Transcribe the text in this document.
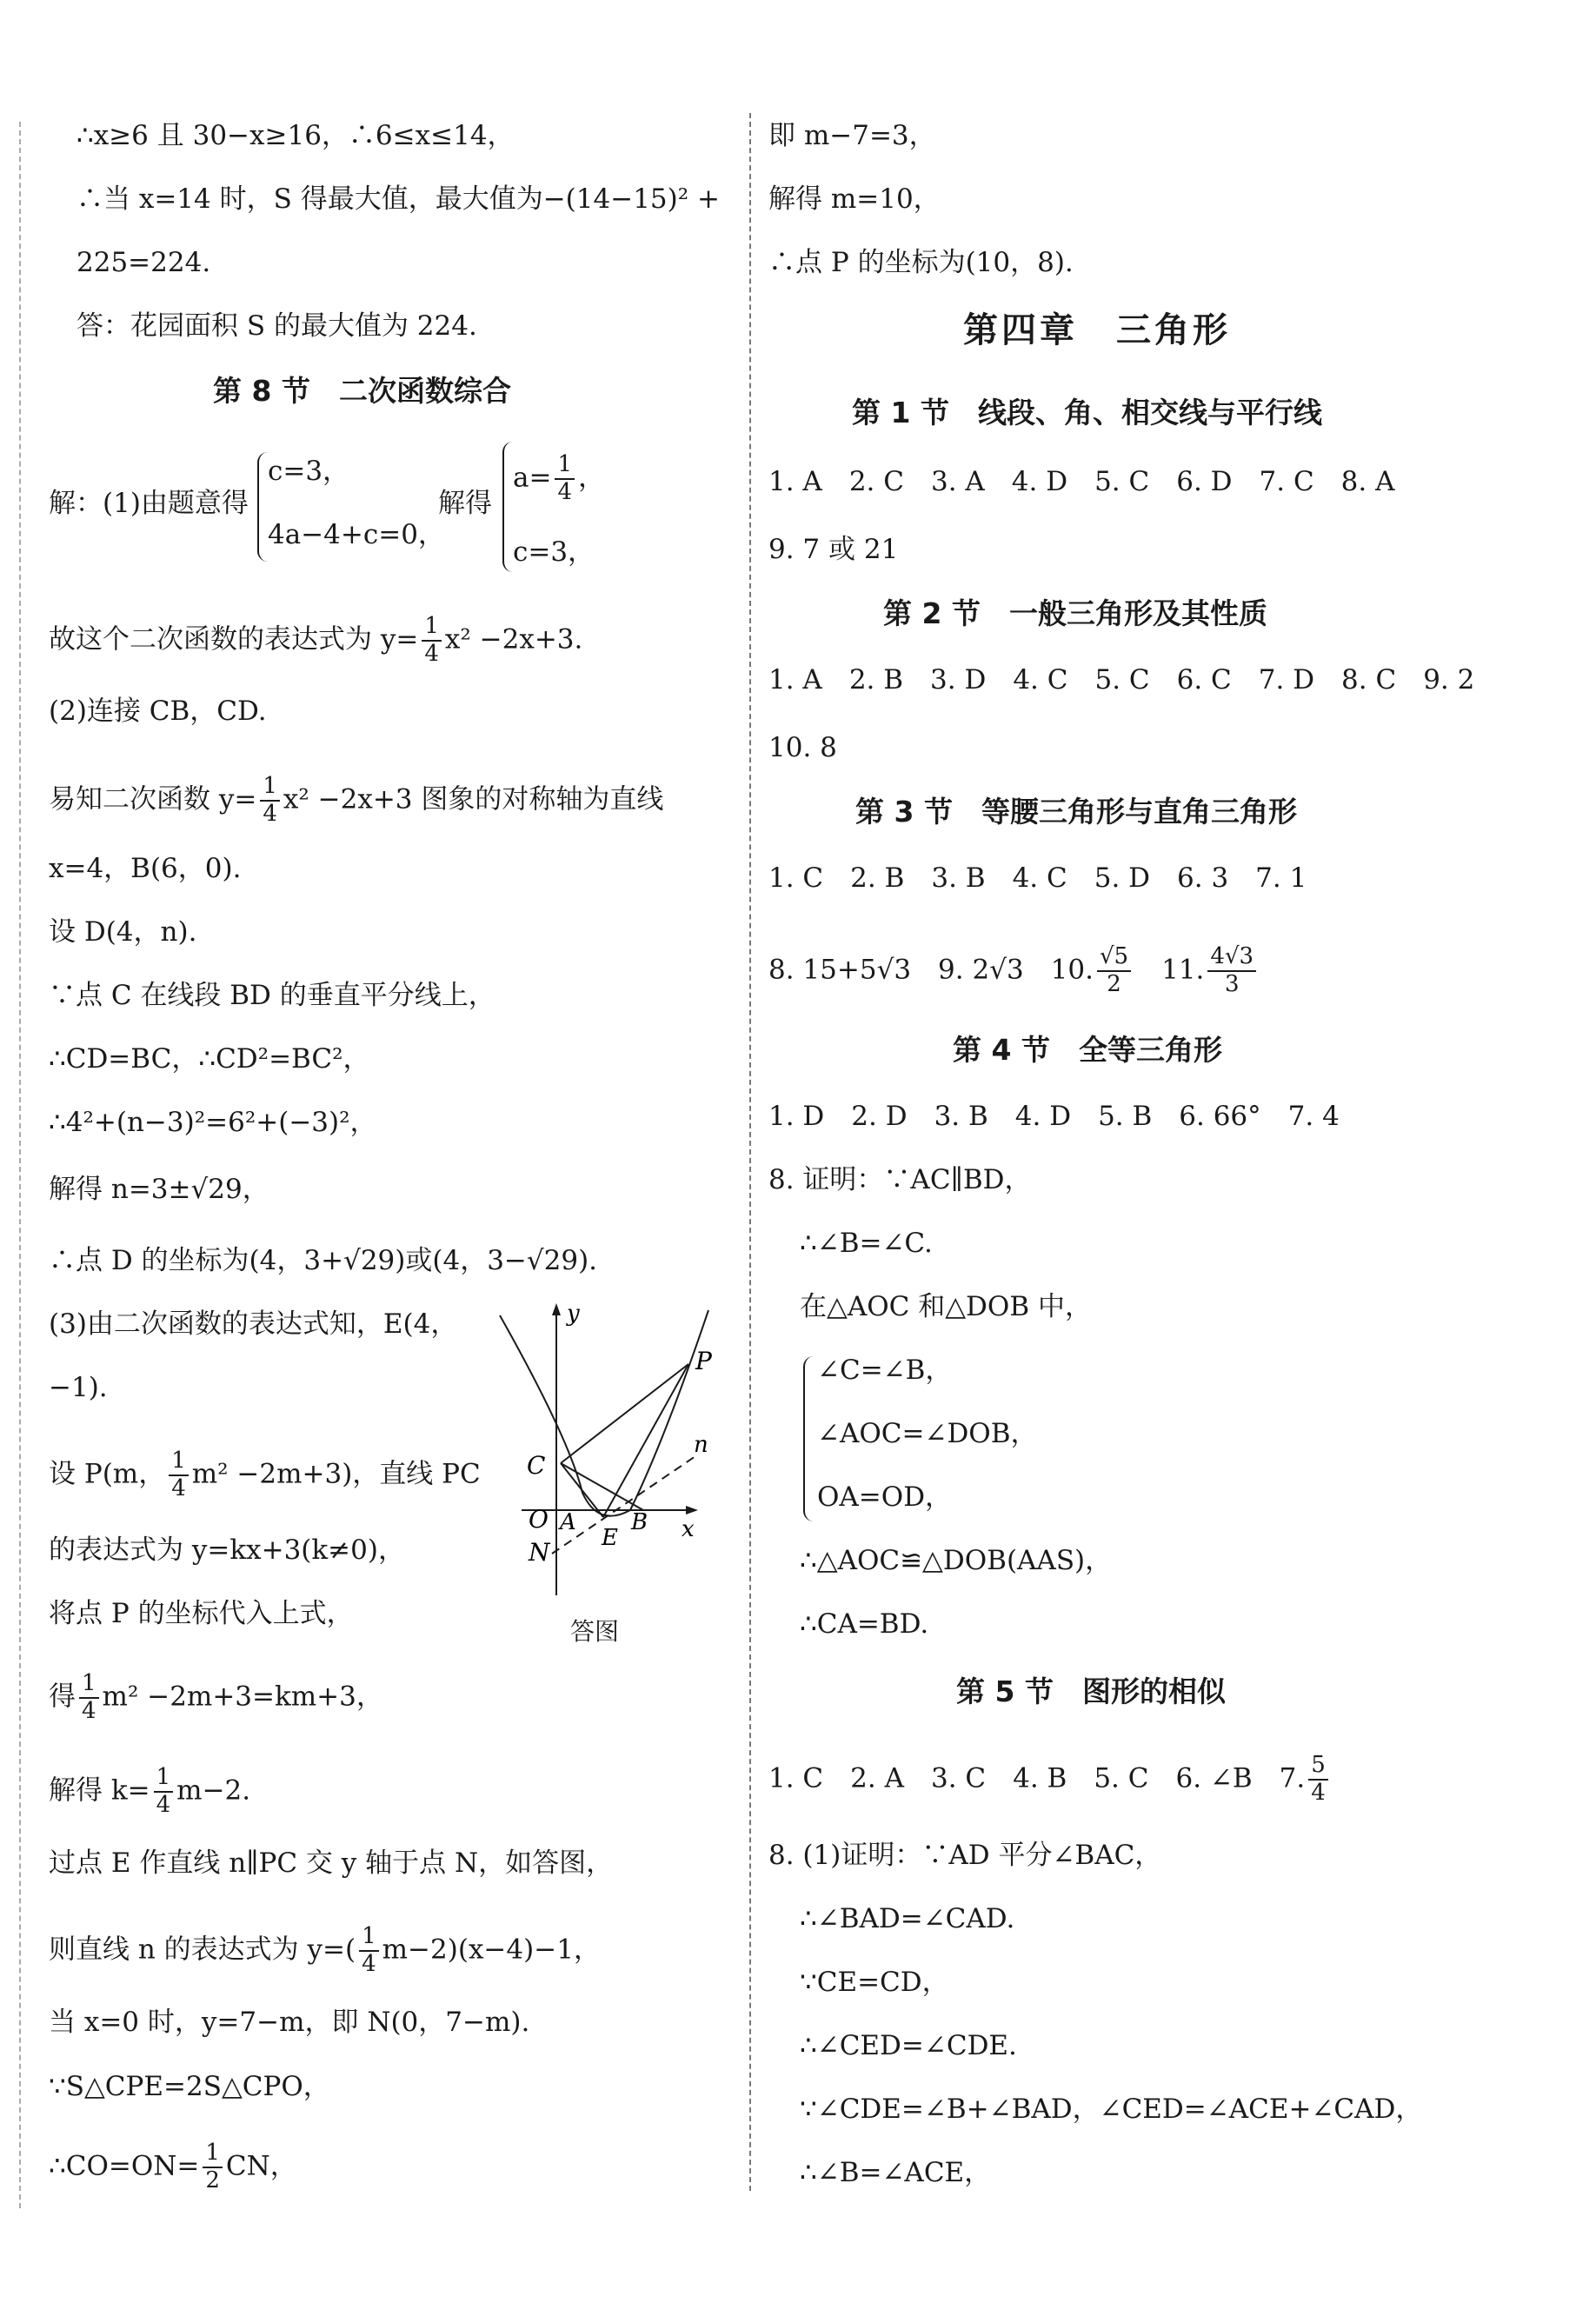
∴x≥6 且 30−x≥16，∴6≤x≤14，
∴当 x=14 时，S 得最大值，最大值为−(14−15)² +
225=224.
答：花园面积 S 的最大值为 224.
第 8 节　二次函数综合
解：(1)由题意得
c=3，
4a−4+c=0，
解得
$a= \frac{1}{4}$ ，
c=3，
故这个二次函数的表达式为 $y= \frac{1}{4} x^2 -2x+3$.
(2)连接 CB，CD.
易知二次函数 $y= \frac{1}{4} x^2 -2x+3$ 图象的对称轴为直线
x=4，B(6，0).
设 D(4，n).
∵点 C 在线段 BD 的垂直平分线上，
∴CD=BC，∴CD²=BC²，
∴4²+(n−3)²=6²+(−3)²，
解得 n=3±√29，
∴点 D 的坐标为(4，3+√29)或(4，3−√29).
(3)由二次函数的表达式知，E(4，
−1).
设 P(m， $\frac{1}{4} m^2 -2m+3$)，直线 PC
的表达式为 y=kx+3(k≠0)，
将点 P 的坐标代入上式，
得 $\frac{1}{4} m^2 -2m+3=km+3$，
解得 $k= \frac{1}{4} m-2$.
过点 E 作直线 n∥PC 交 y 轴于点 N，如答图，
则直线 n 的表达式为 $y=( \frac{1}{4} m-2)(x-4)-1$，
当 x=0 时，y=7−m，即 N(0，7−m).
∵S△CPE=2S△CPO，
∴CO=ON= $\frac{1}{2}$ CN，
y
x
P
n
C
O A B
E
N
答图
即 m−7=3，
解得 m=10，
∴点 P 的坐标为(10，8).
第四章　三角形
第 1 节　线段、角、相交线与平行线
1. A　2. C　3. A　4. D　5. C　6. D　7. C　8. A
9. 7 或 21
第 2 节　一般三角形及其性质
1. A　2. B　3. D　4. C　5. C　6. C　7. D　8. C　9. 2
10. 8
第 3 节　等腰三角形与直角三角形
1. C　2. B　3. B　4. C　5. D　6. 3　7. 1
8. 15+5√3　9. 2√3　10. $\frac{√5}{2}$
　 11. $\frac{4√3}{3}$
第 4 节　全等三角形
1. D　2. D　3. B　4. D　5. B　6. 66°　7. 4
8. 证明：∵AC∥BD，
∴∠B=∠C.
在△AOC 和△DOB 中，
∠C=∠B，
∠AOC=∠DOB，
OA=OD，
∴△AOC≌△DOB(AAS)，
∴CA=BD.
第 5 节　图形的相似
1. C　2. A　3. C　4. B　5. C　6. ∠B　7. $\frac{5}{4}$
8. (1)证明：∵AD 平分∠BAC，
∴∠BAD=∠CAD.
∵CE=CD，
∴∠CED=∠CDE.
∵∠CDE=∠B+∠BAD，∠CED=∠ACE+∠CAD，
∴∠B=∠ACE，
